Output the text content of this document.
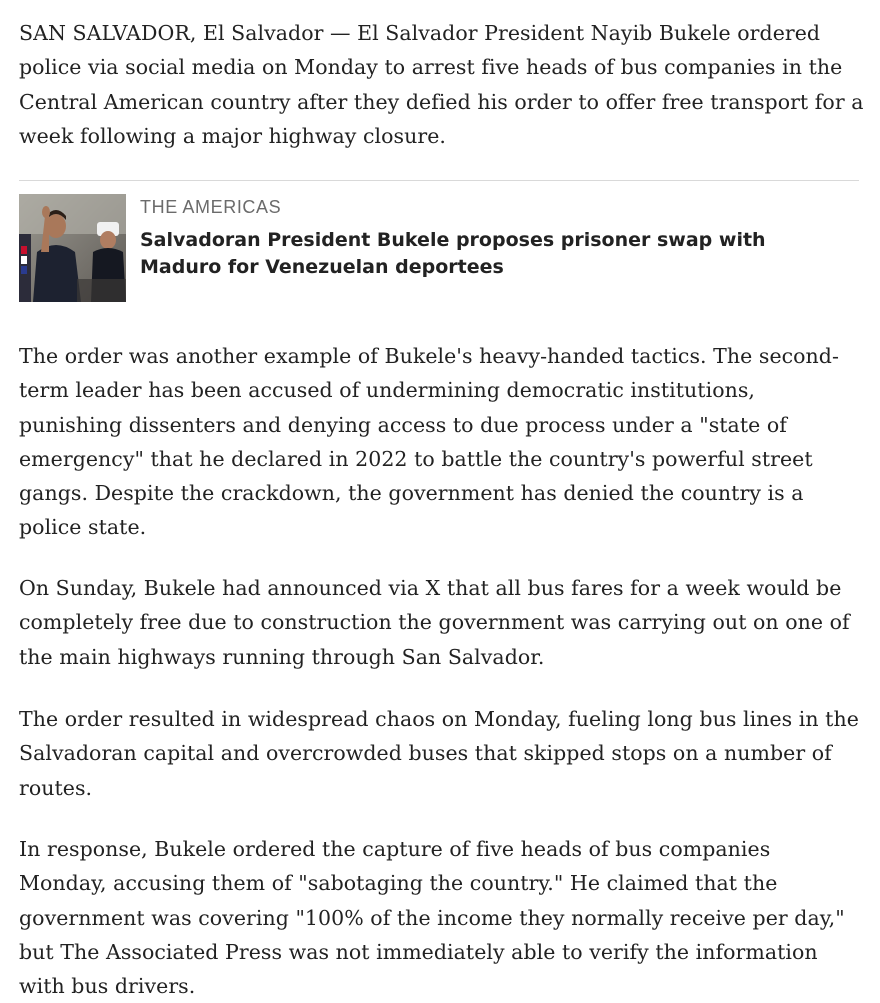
SAN SALVADOR, El Salvador — El Salvador President Nayib Bukele ordered police via social media on Monday to arrest five heads of bus companies in the Central American country after they defied his order to offer free transport for a week following a major highway closure.

THE AMERICAS
Salvadoran President Bukele proposes prisoner swap with Maduro for Venezuelan deportees

The order was another example of Bukele's heavy-handed tactics. The second-term leader has been accused of undermining democratic institutions, punishing dissenters and denying access to due process under a "state of emergency" that he declared in 2022 to battle the country's powerful street gangs. Despite the crackdown, the government has denied the country is a police state.

On Sunday, Bukele had announced via X that all bus fares for a week would be completely free due to construction the government was carrying out on one of the main highways running through San Salvador.

The order resulted in widespread chaos on Monday, fueling long bus lines in the Salvadoran capital and overcrowded buses that skipped stops on a number of routes.

In response, Bukele ordered the capture of five heads of bus companies Monday, accusing them of "sabotaging the country." He claimed that the government was covering "100% of the income they normally receive per day," but The Associated Press was not immediately able to verify the information with bus drivers.
